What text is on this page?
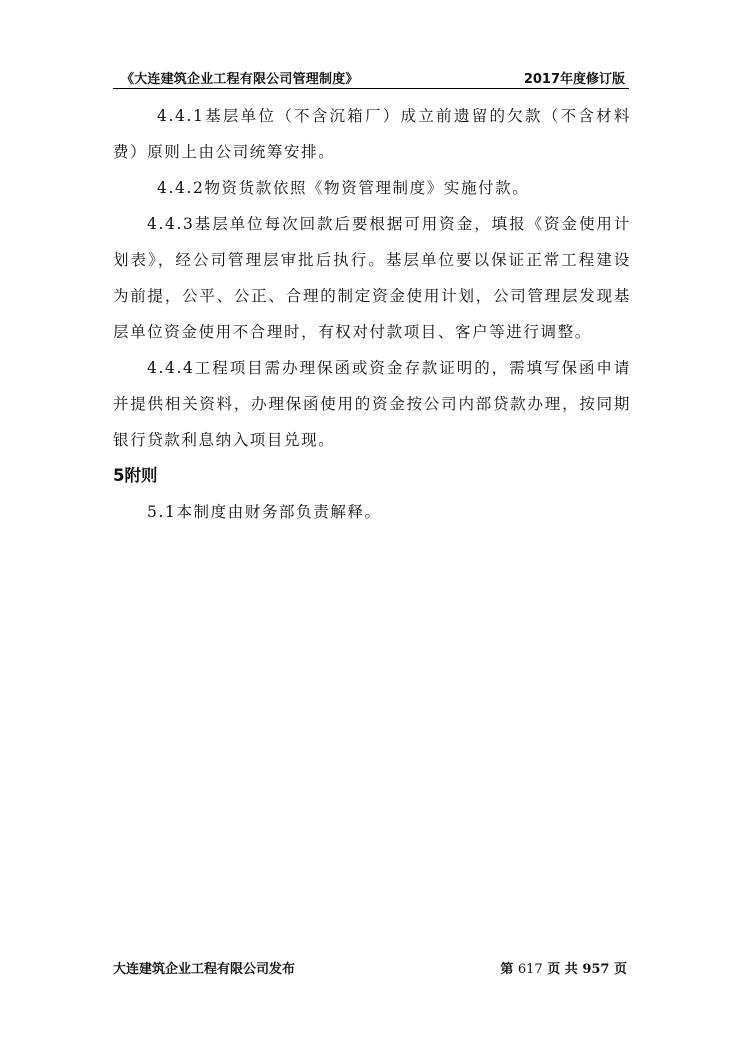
《大连建筑企业工程有限公司管理制度》	2017年度修订版

4.4.1基层单位（不含沉箱厂）成立前遗留的欠款（不含材料费）原则上由公司统筹安排。

4.4.2物资货款依照《物资管理制度》实施付款。

4.4.3基层单位每次回款后要根据可用资金，填报《资金使用计划表》，经公司管理层审批后执行。基层单位要以保证正常工程建设为前提，公平、公正、合理的制定资金使用计划，公司管理层发现基层单位资金使用不合理时，有权对付款项目、客户等进行调整。

4.4.4工程项目需办理保函或资金存款证明的，需填写保函申请并提供相关资料，办理保函使用的资金按公司内部贷款办理，按同期银行贷款利息纳入项目兑现。

5附则

5.1本制度由财务部负责解释。

大连建筑企业工程有限公司发布	第 617 页 共 957 页
